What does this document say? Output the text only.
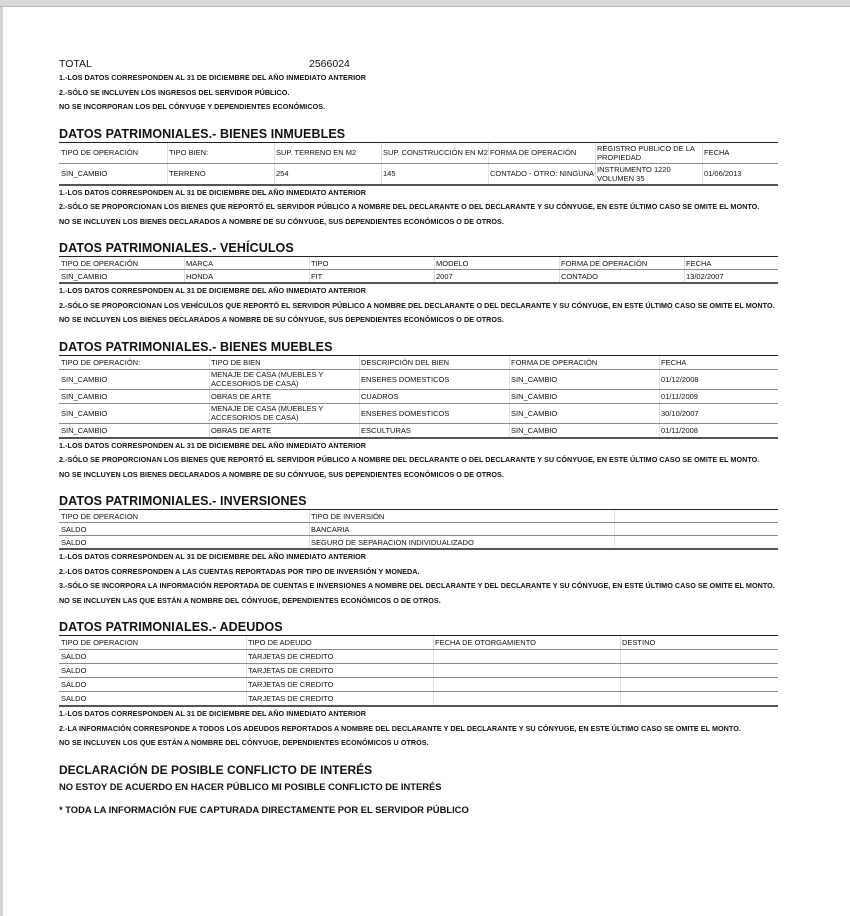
TOTAL	2566024

1.-LOS DATOS CORRESPONDEN AL 31 DE DICIEMBRE DEL AÑO INMEDIATO ANTERIOR

2.-SÓLO SE INCLUYEN LOS INGRESOS DEL SERVIDOR PÚBLICO.

NO SE INCORPORAN LOS DEL CÓNYUGE Y DEPENDIENTES ECONÓMICOS.

DATOS PATRIMONIALES.- BIENES INMUEBLES
TIPO DE OPERACIÓN	TIPO BIEN:	SUP. TERRENO EN M2	SUP. CONSTRUCCIÓN EN M2	FORMA DE OPERACIÓN	REGISTRO PUBLICO DE LA PROPIEDAD	FECHA
SIN_CAMBIO	TERRENO	254	145	CONTADO - OTRO: NINGUNA	INSTRUMENTO 1220 VOLUMEN 35	01/06/2013

1.-LOS DATOS CORRESPONDEN AL 31 DE DICIEMBRE DEL AÑO INMEDIATO ANTERIOR

2.-SÓLO SE PROPORCIONAN LOS BIENES QUE REPORTÓ EL SERVIDOR PÚBLICO A NOMBRE DEL DECLARANTE O DEL DECLARANTE Y SU CÓNYUGE, EN ESTE ÚLTIMO CASO SE OMITE EL MONTO.

NO SE INCLUYEN LOS BIENES DECLARADOS A NOMBRE DE SU CÓNYUGE, SUS DEPENDIENTES ECONÓMICOS O DE OTROS.

DATOS PATRIMONIALES.- VEHÍCULOS
TIPO DE OPERACIÓN	MARCA	TIPO	MODELO	FORMA DE OPERACIÓN	FECHA
SIN_CAMBIO	HONDA	FIT	2007	CONTADO	13/02/2007

1.-LOS DATOS CORRESPONDEN AL 31 DE DICIEMBRE DEL AÑO INMEDIATO ANTERIOR

2.-SÓLO SE PROPORCIONAN LOS VEHÍCULOS QUE REPORTÓ EL SERVIDOR PÚBLICO A NOMBRE DEL DECLARANTE O DEL DECLARANTE Y SU CÓNYUGE, EN ESTE ÚLTIMO CASO SE OMITE EL MONTO.

NO SE INCLUYEN LOS BIENES DECLARADOS A NOMBRE DE SU CÓNYUGE, SUS DEPENDIENTES ECONÓMICOS O DE OTROS.

DATOS PATRIMONIALES.- BIENES MUEBLES
TIPO DE OPERACIÓN:	TIPO DE BIEN	DESCRIPCIÓN DEL BIEN	FORMA DE OPERACIÓN	FECHA
SIN_CAMBIO	MENAJE DE CASA (MUEBLES Y ACCESORIOS DE CASA)	ENSERES DOMESTICOS	SIN_CAMBIO	01/12/2008
SIN_CAMBIO	OBRAS DE ARTE	CUADROS	SIN_CAMBIO	01/11/2009
SIN_CAMBIO	MENAJE DE CASA (MUEBLES Y ACCESORIOS DE CASA)	ENSERES DOMESTICOS	SIN_CAMBIO	30/10/2007
SIN_CAMBIO	OBRAS DE ARTE	ESCULTURAS	SIN_CAMBIO	01/11/2008

1.-LOS DATOS CORRESPONDEN AL 31 DE DICIEMBRE DEL AÑO INMEDIATO ANTERIOR

2.-SÓLO SE PROPORCIONAN LOS BIENES QUE REPORTÓ EL SERVIDOR PÚBLICO A NOMBRE DEL DECLARANTE O DEL DECLARANTE Y SU CÓNYUGE, EN ESTE ÚLTIMO CASO SE OMITE EL MONTO.

NO SE INCLUYEN LOS BIENES DECLARADOS A NOMBRE DE SU CÓNYUGE, SUS DEPENDIENTES ECONÓMICOS O DE OTROS.

DATOS PATRIMONIALES.- INVERSIONES
TIPO DE OPERACION	TIPO DE INVERSIÓN	
SALDO	BANCARIA	
SALDO	SEGURO DE SEPARACION INDIVIDUALIZADO	

1.-LOS DATOS CORRESPONDEN AL 31 DE DICIEMBRE DEL AÑO INMEDIATO ANTERIOR

2.-LOS DATOS CORRESPONDEN A LAS CUENTAS REPORTADAS POR TIPO DE INVERSIÓN Y MONEDA.

3.-SÓLO SE INCORPORA LA INFORMACIÓN REPORTADA DE CUENTAS E INVERSIONES A NOMBRE DEL DECLARANTE Y DEL DECLARANTE Y SU CÓNYUGE, EN ESTE ÚLTIMO CASO SE OMITE EL MONTO.

NO SE INCLUYEN LAS QUE ESTÁN A NOMBRE DEL CÓNYUGE, DEPENDIENTES ECONÓMICOS O DE OTROS.

DATOS PATRIMONIALES.- ADEUDOS
TIPO DE OPERACION	TIPO DE ADEUDO	FECHA DE OTORGAMIENTO	DESTINO
SALDO	TARJETAS DE CREDITO		
SALDO	TARJETAS DE CREDITO		
SALDO	TARJETAS DE CREDITO		
SALDO	TARJETAS DE CREDITO		

1.-LOS DATOS CORRESPONDEN AL 31 DE DICIEMBRE DEL AÑO INMEDIATO ANTERIOR

2.-LA INFORMACIÓN CORRESPONDE A TODOS LOS ADEUDOS REPORTADOS A NOMBRE DEL DECLARANTE Y DEL DECLARANTE Y SU CÓNYUGE, EN ESTE ÚLTIMO CASO SE OMITE EL MONTO.

NO SE INCLUYEN LOS QUE ESTÁN A NOMBRE DEL CÓNYUGE, DEPENDIENTES ECONÓMICOS U OTROS.

DECLARACIÓN DE POSIBLE CONFLICTO DE INTERÉS

NO ESTOY DE ACUERDO EN HACER PÚBLICO MI POSIBLE CONFLICTO DE INTERÉS

* TODA LA INFORMACIÓN FUE CAPTURADA DIRECTAMENTE POR EL SERVIDOR PÚBLICO
